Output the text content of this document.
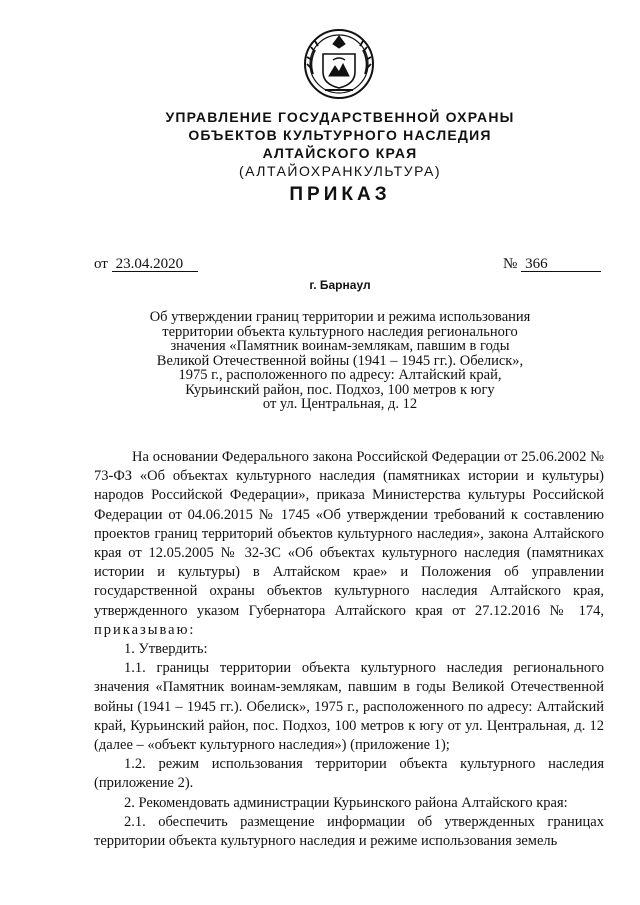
УПРАВЛЕНИЕ ГОСУДАРСТВЕННОЙ ОХРАНЫ
ОБЪЕКТОВ КУЛЬТУРНОГО НАСЛЕДИЯ
АЛТАЙСКОГО КРАЯ
(АЛТАЙОХРАНКУЛЬТУРА)
ПРИКАЗ
от 23.04.2020	№ 366
г. Барнаул
Об утверждении границ территории и режима использования
территории объекта культурного наследия регионального
значения «Памятник воинам-землякам, павшим в годы
Великой Отечественной войны (1941 – 1945 гг.). Обелиск»,
1975 г., расположенного по адресу: Алтайский край,
Курьинский район, пос. Подхоз, 100 метров к югу
от ул. Центральная, д. 12

На основании Федерального закона Российской Федерации от 25.06.2002 № 73-ФЗ «Об объектах культурного наследия (памятниках истории и культуры) народов Российской Федерации», приказа Министерства культуры Российской Федерации от 04.06.2015 № 1745 «Об утверждении требований к составлению проектов границ территорий объектов культурного наследия», закона Алтайского края от 12.05.2005 № 32-ЗС «Об объектах культурного наследия (памятниках истории и культуры) в Алтайском крае» и Положения об управлении государственной охраны объектов культурного наследия Алтайского края, утвержденного указом Губернатора Алтайского края от 27.12.2016 № 174, приказываю:

1. Утвердить:

1.1. границы территории объекта культурного наследия регионального значения «Памятник воинам-землякам, павшим в годы Великой Отечественной войны (1941 – 1945 гг.). Обелиск», 1975 г., расположенного по адресу: Алтайский край, Курьинский район, пос. Подхоз, 100 метров к югу от ул. Центральная, д. 12 (далее – «объект культурного наследия») (приложение 1);

1.2. режим использования территории объекта культурного наследия (приложение 2).

2. Рекомендовать администрации Курьинского района Алтайского края:

2.1. обеспечить размещение информации об утвержденных границах территории объекта культурного наследия и режиме использования земель
